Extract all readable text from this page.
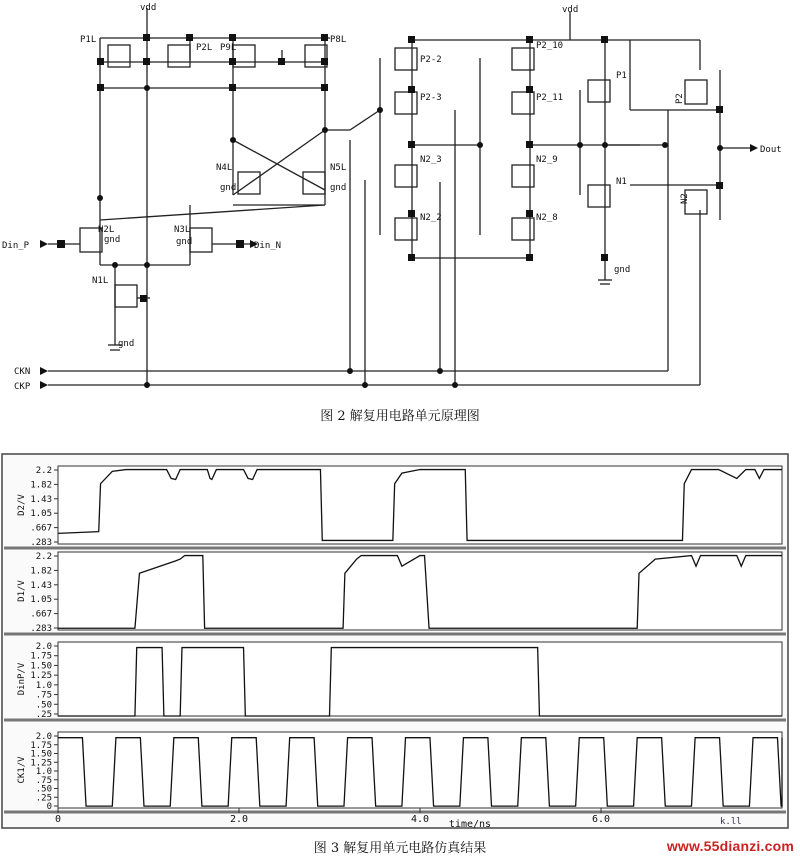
vdd	vdd
P1L
P2L P9L
P8L
N4L	N5L
gnd	gnd
N2L	N3L
gnd	gnd
N1L
gnd
Din_P	Din_N
P2-2
P2-3
N2_3
N2_2
P2_10
P2_11
N2_9
N2_8
P1
N1
gnd
P2
N2
Dout
CKN
CKP
图 2 解复用电路单元原理图
2.2
1.82
1.43
1.05
.667
.283
D2/V
2.2
1.82
1.43
1.05
.667
.283
D1/V
2.0
1.75
1.50
1.25
1.0
.75
.50
.25
DinP/V
2.0
1.75
1.50
1.25
1.0
.75
.50
.25
0
CK1/V
0	2.0	4.0	6.0
time/ns	k.ll
图 3 解复用单元电路仿真结果	www.55dianzi.com
